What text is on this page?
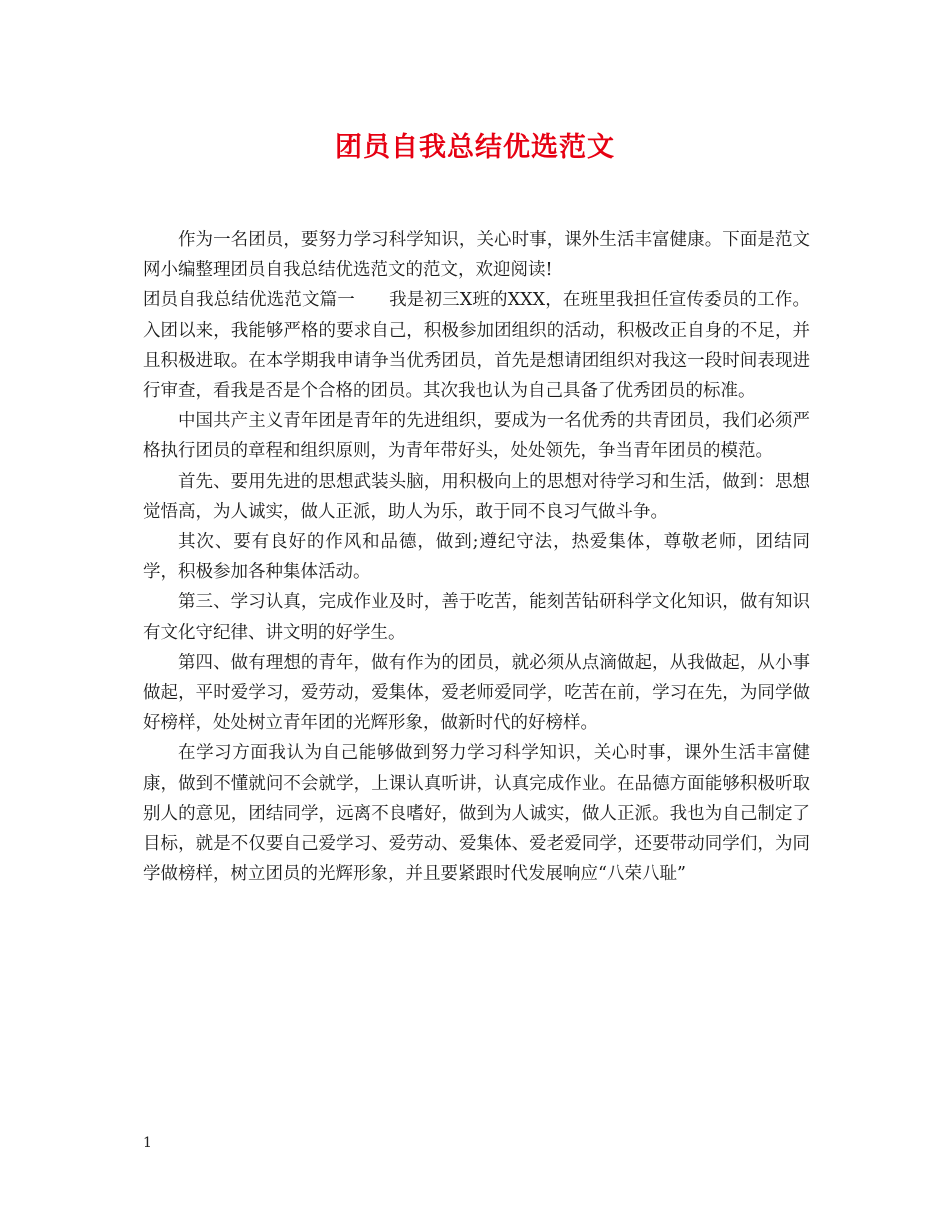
团员自我总结优选范文

作为一名团员，要努力学习科学知识，关心时事，课外生活丰富健康。下面是范文网小编整理团员自我总结优选范文的范文，欢迎阅读!

团员自我总结优选范文篇一 我是初三X班的XXX，在班里我担任宣传委员的工作。入团以来，我能够严格的要求自己，积极参加团组织的活动，积极改正自身的不足，并且积极进取。在本学期我申请争当优秀团员，首先是想请团组织对我这一段时间表现进行审查，看我是否是个合格的团员。其次我也认为自己具备了优秀团员的标准。

中国共产主义青年团是青年的先进组织，要成为一名优秀的共青团员，我们必须严格执行团员的章程和组织原则，为青年带好头，处处领先，争当青年团员的模范。

首先、要用先进的思想武装头脑，用积极向上的思想对待学习和生活，做到：思想觉悟高，为人诚实，做人正派，助人为乐，敢于同不良习气做斗争。

其次、要有良好的作风和品德，做到;遵纪守法，热爱集体，尊敬老师，团结同学，积极参加各种集体活动。

第三、学习认真，完成作业及时，善于吃苦，能刻苦钻研科学文化知识，做有知识有文化守纪律、讲文明的好学生。

第四、做有理想的青年，做有作为的团员，就必须从点滴做起，从我做起，从小事做起，平时爱学习，爱劳动，爱集体，爱老师爱同学，吃苦在前，学习在先，为同学做好榜样，处处树立青年团的光辉形象，做新时代的好榜样。

在学习方面我认为自己能够做到努力学习科学知识，关心时事，课外生活丰富健康，做到不懂就问不会就学，上课认真听讲，认真完成作业。在品德方面能够积极听取别人的意见，团结同学，远离不良嗜好，做到为人诚实，做人正派。我也为自己制定了目标，就是不仅要自己爱学习、爱劳动、爱集体、爱老爱同学，还要带动同学们，为同学做榜样，树立团员的光辉形象，并且要紧跟时代发展响应“八荣八耻”

1
